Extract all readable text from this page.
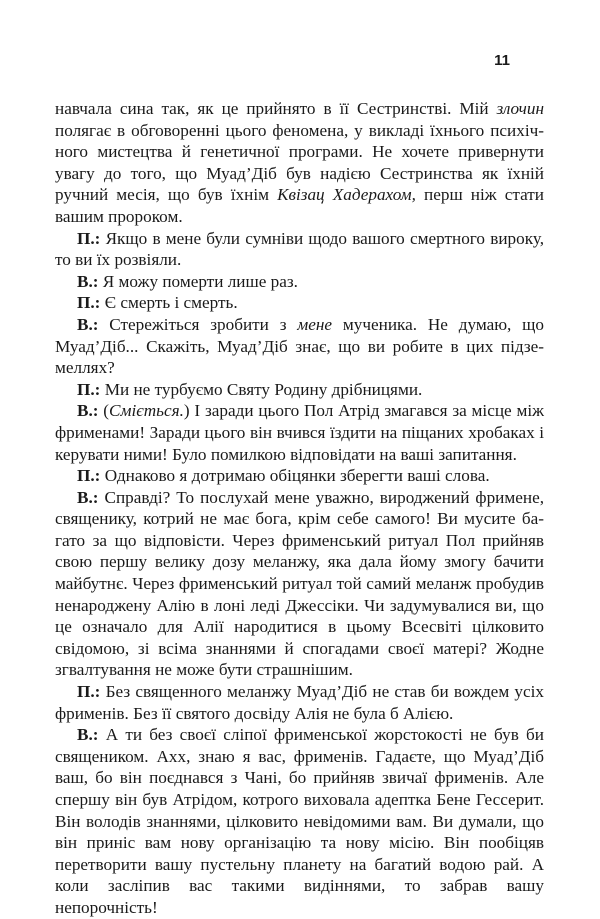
11

навчала сина так, як це прийнято в її Сестринстві. Мій злочин полягає в обговоренні цього феномена, у викладі їхнього психічного мистецтва й генетичної програми. Не хочете привернути увагу до того, що Муад’Діб був надією Сестринства як їхній ручний месія, що був їхнім Квізац Хадерахом, перш ніж стати вашим пророком.

П.: Якщо в мене були сумніви щодо вашого смертного вироку, то ви їх розвіяли.

В.: Я можу померти лише раз.

П.: Є смерть і смерть.

В.: Стережіться зробити з мене мученика. Не думаю, що Муад’Діб... Скажіть, Муад’Діб знає, що ви робите в цих підземеллях?

П.: Ми не турбуємо Святу Родину дрібницями.

В.: (Сміється.) І заради цього Пол Атрід змагався за місце між фрименами! Заради цього він вчився їздити на піщаних хробаках і керувати ними! Було помилкою відповідати на ваші запитання.

П.: Однаково я дотримаю обіцянки зберегти ваші слова.

В.: Справді? То послухай мене уважно, вироджений фримене, священику, котрий не має бога, крім себе самого! Ви мусите багато за що відповісти. Через фрименський ритуал Пол прийняв свою першу велику дозу меланжу, яка дала йому змогу бачити майбутнє. Через фрименський ритуал той самий меланж пробудив ненароджену Алію в лоні леді Джессіки. Чи задумувалися ви, що це означало для Алії народитися в цьому Всесвіті цілковито свідомою, зі всіма знаннями й спогадами своєї матері? Жодне згвалтування не може бути страшнішим.

П.: Без священного меланжу Муад’Діб не став би вождем усіх фрименів. Без її святого досвіду Алія не була б Алією.

В.: А ти без своєї сліпої фрименської жорстокості не був би священиком. Ахх, знаю я вас, фрименів. Гадаєте, що Муад’Діб ваш, бо він поєднався з Чані, бо прийняв звичаї фрименів. Але спершу він був Атрідом, котрого виховала адептка Бене Гессерит. Він володів знаннями, цілковито невідомими вам. Ви думали, що він приніс вам нову організацію та нову місію. Він пообіцяв перетворити вашу пустельну планету на багатий водою рай. А коли засліпив вас такими видіннями, то забрав вашу непорочність!
